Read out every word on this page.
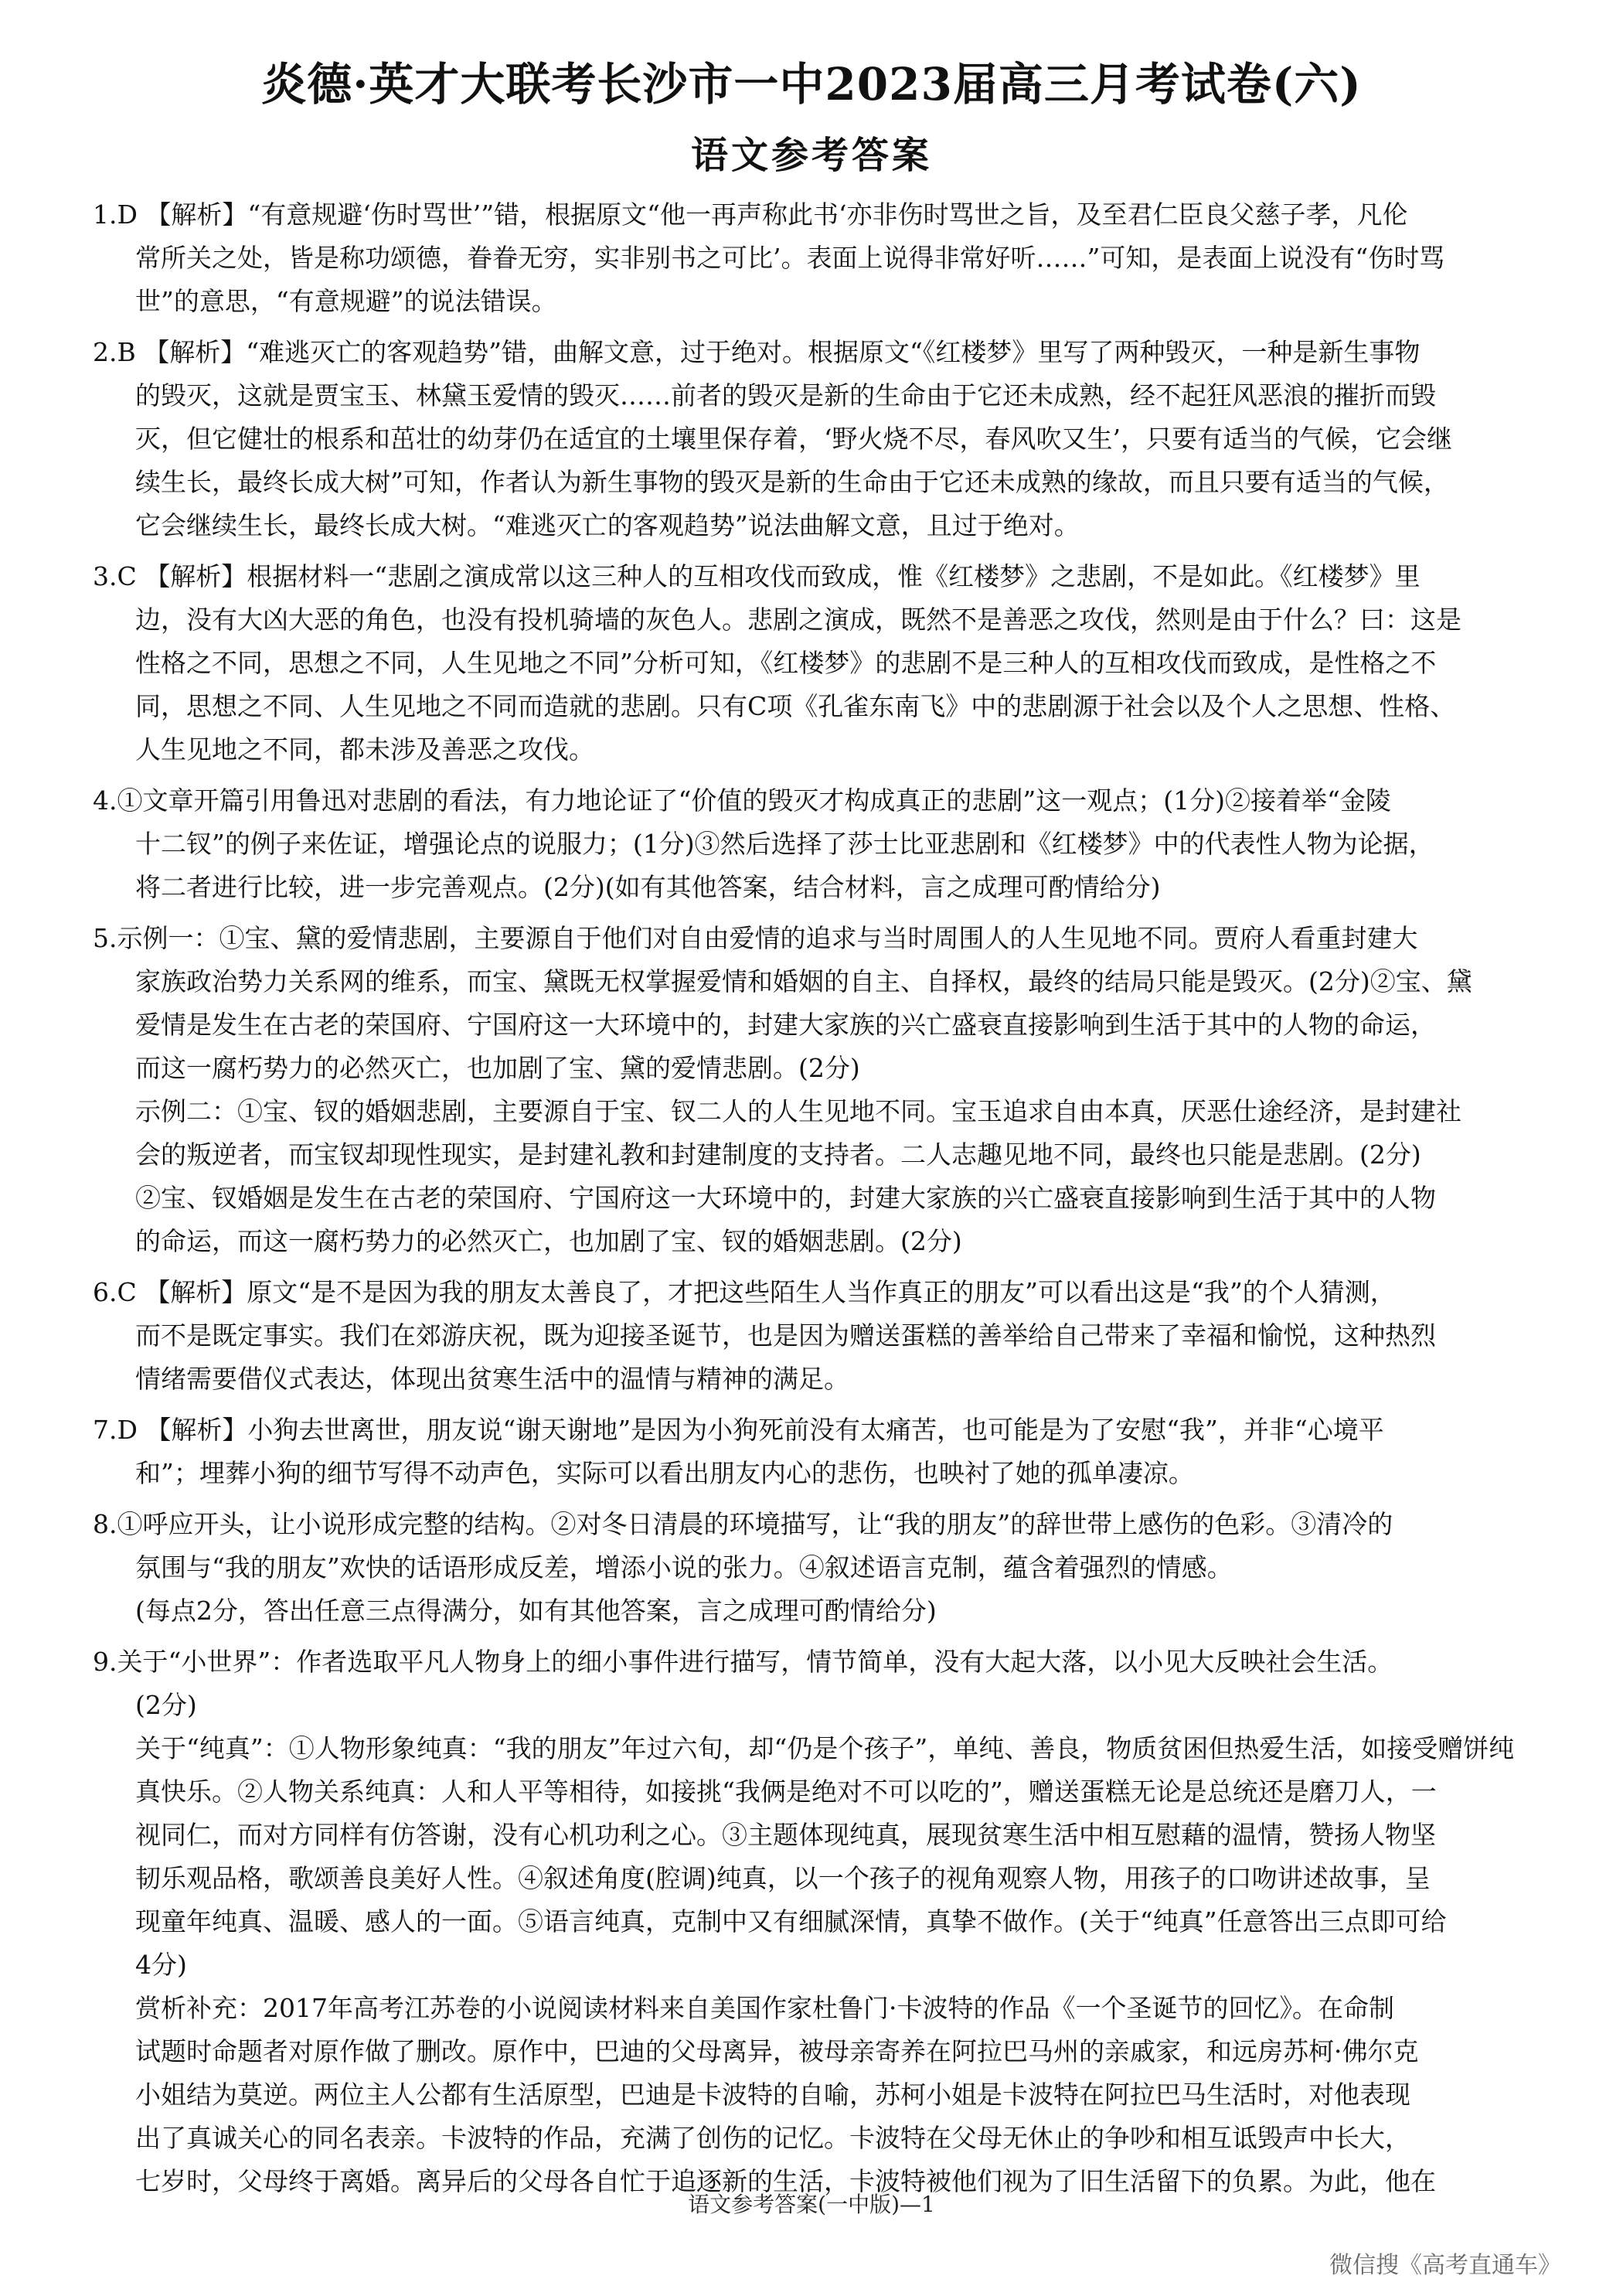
炎德·英才大联考长沙市一中2023届高三月考试卷(六)
语文参考答案
1.D 【解析】“有意规避‘伤时骂世’”错，根据原文“他一再声称此书‘亦非伤时骂世之旨，及至君仁臣良父慈子孝，凡伦
常所关之处，皆是称功颂德，眷眷无穷，实非别书之可比’。表面上说得非常好听……”可知，是表面上说没有“伤时骂
世”的意思，“有意规避”的说法错误。
2.B 【解析】“难逃灭亡的客观趋势”错，曲解文意，过于绝对。根据原文“《红楼梦》里写了两种毁灭，一种是新生事物
的毁灭，这就是贾宝玉、林黛玉爱情的毁灭……前者的毁灭是新的生命由于它还未成熟，经不起狂风恶浪的摧折而毁
灭，但它健壮的根系和茁壮的幼芽仍在适宜的土壤里保存着，‘野火烧不尽，春风吹又生’，只要有适当的气候，它会继
续生长，最终长成大树”可知，作者认为新生事物的毁灭是新的生命由于它还未成熟的缘故，而且只要有适当的气候，
它会继续生长，最终长成大树。“难逃灭亡的客观趋势”说法曲解文意，且过于绝对。
3.C 【解析】根据材料一“悲剧之演成常以这三种人的互相攻伐而致成，惟《红楼梦》之悲剧，不是如此。《红楼梦》里
边，没有大凶大恶的角色，也没有投机骑墙的灰色人。悲剧之演成，既然不是善恶之攻伐，然则是由于什么？曰：这是
性格之不同，思想之不同，人生见地之不同”分析可知，《红楼梦》的悲剧不是三种人的互相攻伐而致成，是性格之不
同，思想之不同、人生见地之不同而造就的悲剧。只有C项《孔雀东南飞》中的悲剧源于社会以及个人之思想、性格、
人生见地之不同，都未涉及善恶之攻伐。
4.①文章开篇引用鲁迅对悲剧的看法，有力地论证了“价值的毁灭才构成真正的悲剧”这一观点；(1分)②接着举“金陵
十二钗”的例子来佐证，增强论点的说服力；(1分)③然后选择了莎士比亚悲剧和《红楼梦》中的代表性人物为论据，
将二者进行比较，进一步完善观点。(2分)(如有其他答案，结合材料，言之成理可酌情给分)
5.示例一：①宝、黛的爱情悲剧，主要源自于他们对自由爱情的追求与当时周围人的人生见地不同。贾府人看重封建大
家族政治势力关系网的维系，而宝、黛既无权掌握爱情和婚姻的自主、自择权，最终的结局只能是毁灭。(2分)②宝、黛
爱情是发生在古老的荣国府、宁国府这一大环境中的，封建大家族的兴亡盛衰直接影响到生活于其中的人物的命运，
而这一腐朽势力的必然灭亡，也加剧了宝、黛的爱情悲剧。(2分)
示例二：①宝、钗的婚姻悲剧，主要源自于宝、钗二人的人生见地不同。宝玉追求自由本真，厌恶仕途经济，是封建社
会的叛逆者，而宝钗却现性现实，是封建礼教和封建制度的支持者。二人志趣见地不同，最终也只能是悲剧。(2分)
②宝、钗婚姻是发生在古老的荣国府、宁国府这一大环境中的，封建大家族的兴亡盛衰直接影响到生活于其中的人物
的命运，而这一腐朽势力的必然灭亡，也加剧了宝、钗的婚姻悲剧。(2分)
6.C 【解析】原文“是不是因为我的朋友太善良了，才把这些陌生人当作真正的朋友”可以看出这是“我”的个人猜测，
而不是既定事实。我们在郊游庆祝，既为迎接圣诞节，也是因为赠送蛋糕的善举给自己带来了幸福和愉悦，这种热烈
情绪需要借仪式表达，体现出贫寒生活中的温情与精神的满足。
7.D 【解析】小狗去世离世，朋友说“谢天谢地”是因为小狗死前没有太痛苦，也可能是为了安慰“我”，并非“心境平
和”；埋葬小狗的细节写得不动声色，实际可以看出朋友内心的悲伤，也映衬了她的孤单凄凉。
8.①呼应开头，让小说形成完整的结构。②对冬日清晨的环境描写，让“我的朋友”的辞世带上感伤的色彩。③清冷的
氛围与“我的朋友”欢快的话语形成反差，增添小说的张力。④叙述语言克制，蕴含着强烈的情感。
(每点2分，答出任意三点得满分，如有其他答案，言之成理可酌情给分)
9.关于“小世界”：作者选取平凡人物身上的细小事件进行描写，情节简单，没有大起大落，以小见大反映社会生活。
(2分)
关于“纯真”：①人物形象纯真：“我的朋友”年过六旬，却“仍是个孩子”，单纯、善良，物质贫困但热爱生活，如接受赠饼纯
真快乐。②人物关系纯真：人和人平等相待，如接挑“我俩是绝对不可以吃的”，赠送蛋糕无论是总统还是磨刀人，一
视同仁，而对方同样有仿答谢，没有心机功利之心。③主题体现纯真，展现贫寒生活中相互慰藉的温情，赞扬人物坚
韧乐观品格，歌颂善良美好人性。④叙述角度(腔调)纯真，以一个孩子的视角观察人物，用孩子的口吻讲述故事，呈
现童年纯真、温暖、感人的一面。⑤语言纯真，克制中又有细腻深情，真挚不做作。(关于“纯真”任意答出三点即可给
4分)
赏析补充：2017年高考江苏卷的小说阅读材料来自美国作家杜鲁门·卡波特的作品《一个圣诞节的回忆》。在命制
试题时命题者对原作做了删改。原作中，巴迪的父母离异，被母亲寄养在阿拉巴马州的亲戚家，和远房苏柯·佛尔克
小姐结为莫逆。两位主人公都有生活原型，巴迪是卡波特的自喻，苏柯小姐是卡波特在阿拉巴马生活时，对他表现
出了真诚关心的同名表亲。卡波特的作品，充满了创伤的记忆。卡波特在父母无休止的争吵和相互诋毁声中长大，
七岁时，父母终于离婚。离异后的父母各自忙于追逐新的生活，卡波特被他们视为了旧生活留下的负累。为此，他在
语文参考答案(一中版)—1
微信搜《高考直通车》
